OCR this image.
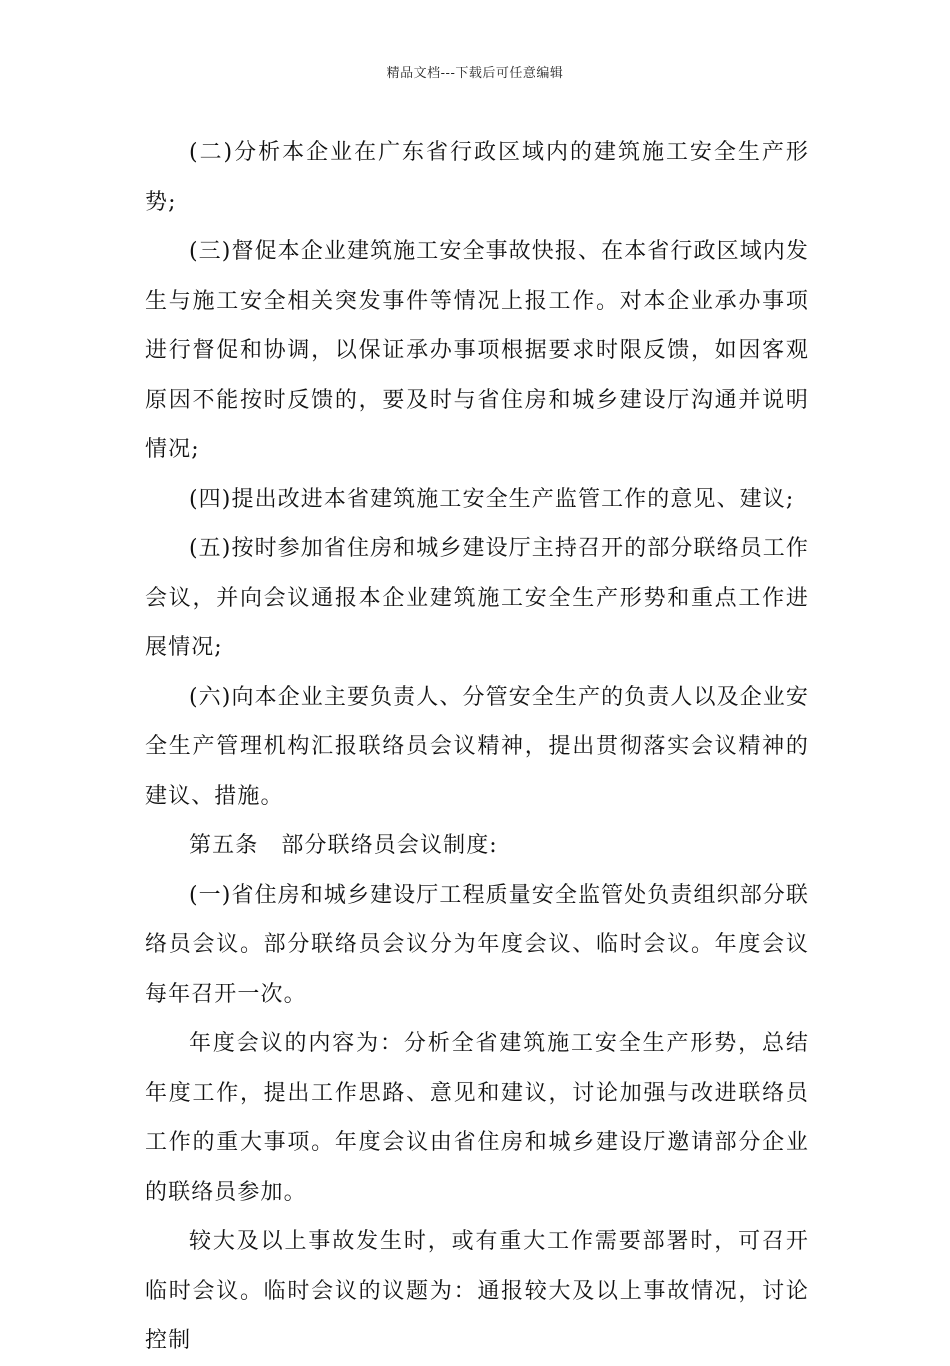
精品文档---下载后可任意编辑

(二)分析本企业在广东省行政区域内的建筑施工安全生产形势;

(三)督促本企业建筑施工安全事故快报、在本省行政区域内发生与施工安全相关突发事件等情况上报工作。对本企业承办事项进行督促和协调，以保证承办事项根据要求时限反馈，如因客观原因不能按时反馈的，要及时与省住房和城乡建设厅沟通并说明情况;

(四)提出改进本省建筑施工安全生产监管工作的意见、建议;

(五)按时参加省住房和城乡建设厅主持召开的部分联络员工作会议，并向会议通报本企业建筑施工安全生产形势和重点工作进展情况;

(六)向本企业主要负责人、分管安全生产的负责人以及企业安全生产管理机构汇报联络员会议精神，提出贯彻落实会议精神的建议、措施。

第五条　部分联络员会议制度:

(一)省住房和城乡建设厅工程质量安全监管处负责组织部分联络员会议。部分联络员会议分为年度会议、临时会议。年度会议每年召开一次。

年度会议的内容为：分析全省建筑施工安全生产形势，总结年度工作，提出工作思路、意见和建议，讨论加强与改进联络员工作的重大事项。年度会议由省住房和城乡建设厅邀请部分企业的联络员参加。

较大及以上事故发生时，或有重大工作需要部署时，可召开临时会议。临时会议的议题为：通报较大及以上事故情况，讨论控制
